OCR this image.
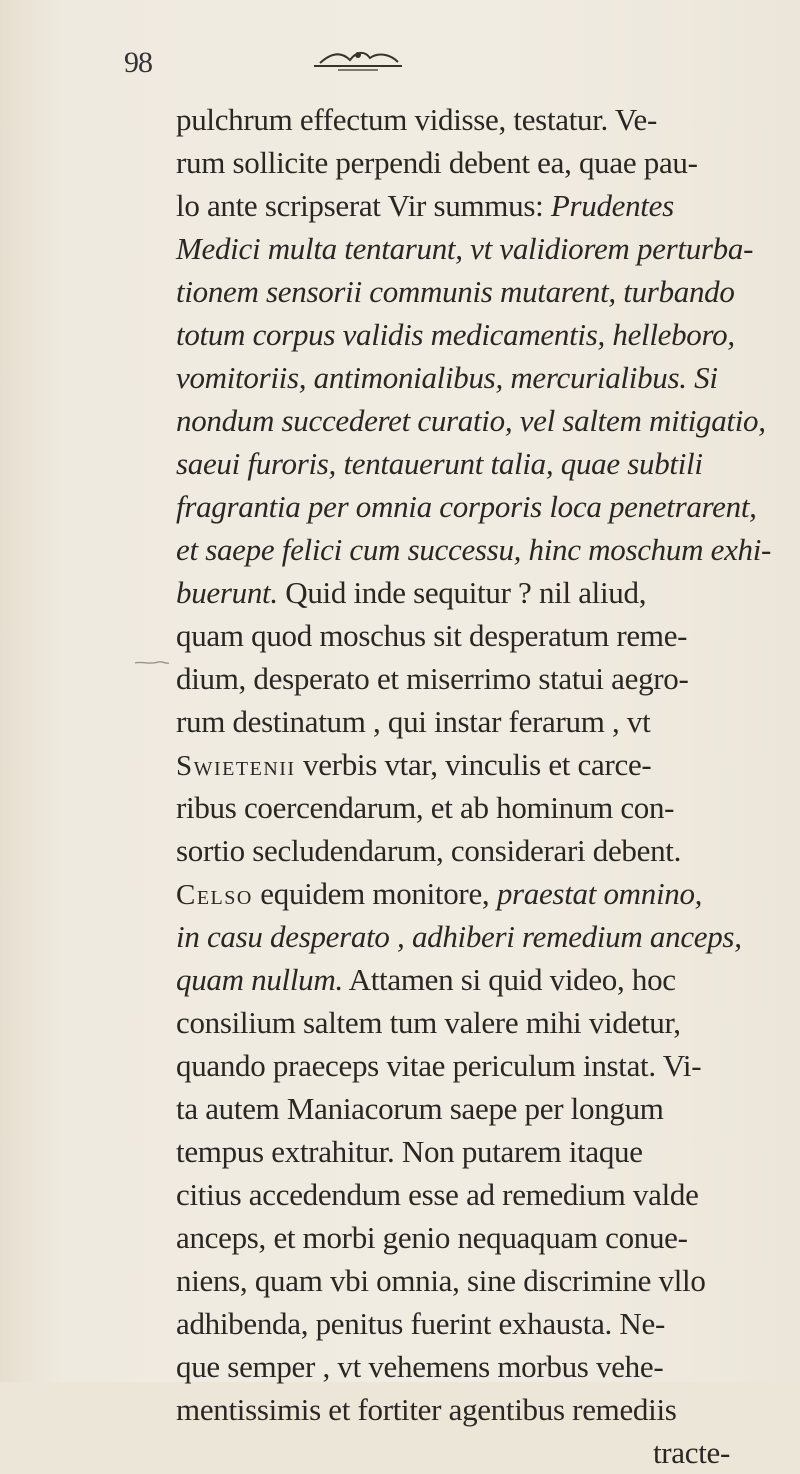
98
pulchrum effectum vidisse, testatur. Ve-
rum sollicite perpendi debent ea, quae pau-
lo ante scripserat Vir summus: Prudentes
Medici multa tentarunt, vt validiorem perturba-
tionem sensorii communis mutarent, turbando
totum corpus validis medicamentis, helleboro,
vomitoriis, antimonialibus, mercurialibus. Si
nondum succederet curatio, vel saltem mitigatio,
saeui furoris, tentauerunt talia, quae subtili
fragrantia per omnia corporis loca penetrarent,
et saepe felici cum successu, hinc moschum exhi-
buerunt. Quid inde sequitur ? nil aliud,
quam quod moschus sit desperatum reme-
dium, desperato et miserrimo statui aegro-
rum destinatum , qui instar ferarum , vt
Swietenii verbis vtar, vinculis et carce-
ribus coercendarum, et ab hominum con-
sortio secludendarum, considerari debent.
Celso equidem monitore, praestat omnino,
in casu desperato , adhiberi remedium anceps,
quam nullum. Attamen si quid video, hoc
consilium saltem tum valere mihi videtur,
quando praeceps vitae periculum instat. Vi-
ta autem Maniacorum saepe per longum
tempus extrahitur. Non putarem itaque
citius accedendum esse ad remedium valde
anceps, et morbi genio nequaquam conue-
niens, quam vbi omnia, sine discrimine vllo
adhibenda, penitus fuerint exhausta. Ne-
que semper , vt vehemens morbus vehe-
mentissimis et fortiter agentibus remediis
tracte-
